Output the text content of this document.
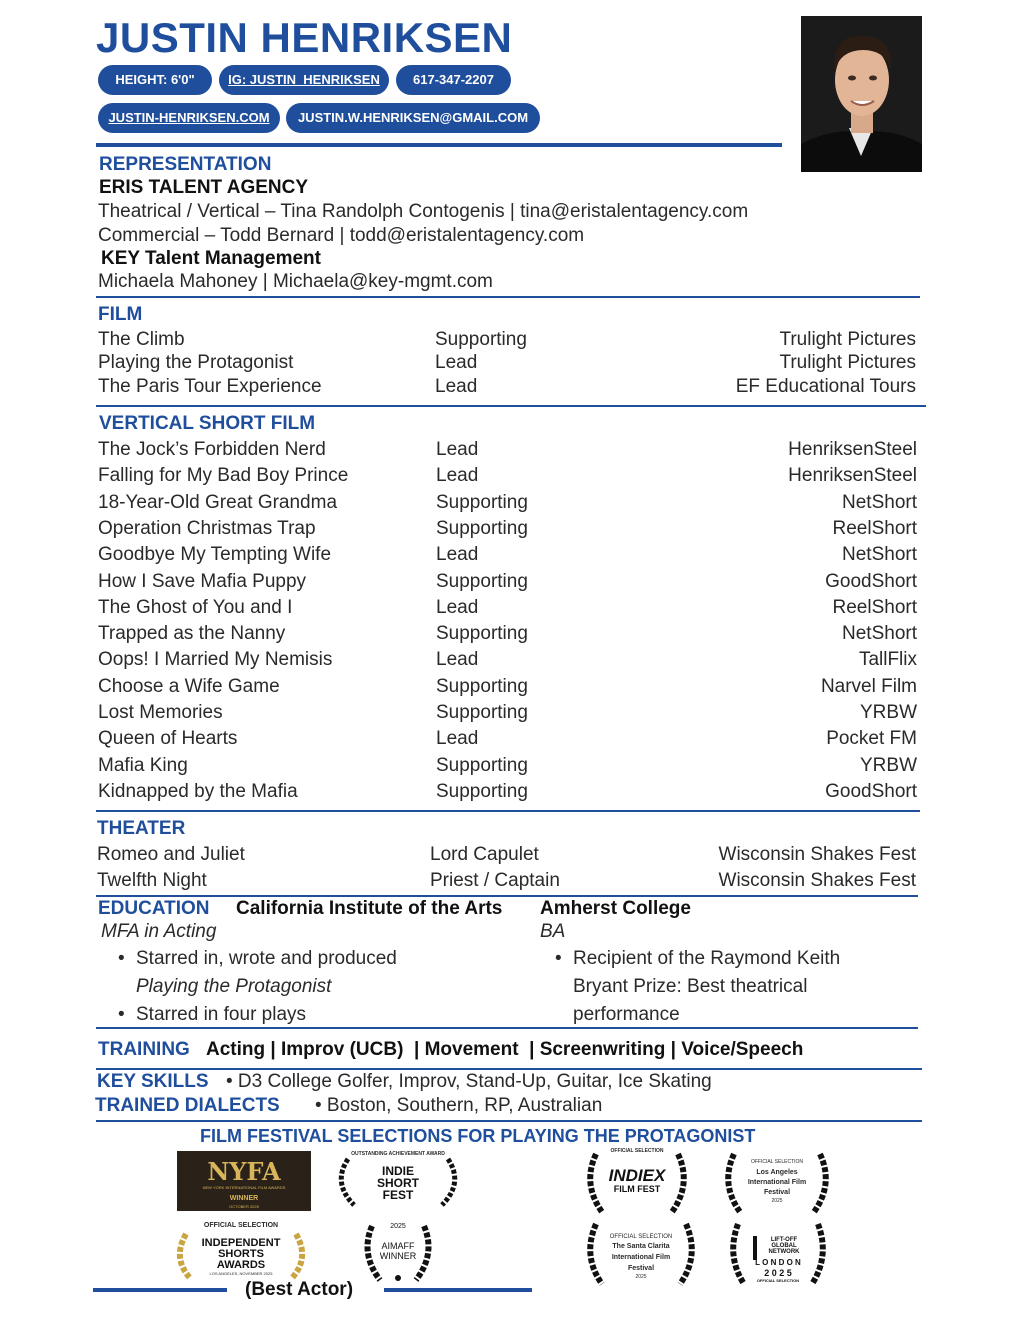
JUSTIN HENRIKSEN
HEIGHT: 6'0"	IG: JUSTIN_HENRIKSEN	617-347-2207
JUSTIN-HENRIKSEN.COM	JUSTIN.W.HENRIKSEN@GMAIL.COM
REPRESENTATION
ERIS TALENT AGENCY
Theatrical / Vertical – Tina Randolph Contogenis | tina@eristalentagency.com
Commercial – Todd Bernard | todd@eristalentagency.com
KEY Talent Management
Michaela Mahoney | Michaela@key-mgmt.com
FILM
The Climb	Supporting	Trulight Pictures
Playing the Protagonist	Lead	Trulight Pictures
The Paris Tour Experience	Lead	EF Educational Tours
VERTICAL SHORT FILM
The Jock’s Forbidden Nerd	Lead	HenriksenSteel
Falling for My Bad Boy Prince	Lead	HenriksenSteel
18-Year-Old Great Grandma	Supporting	NetShort
Operation Christmas Trap	Supporting	ReelShort
Goodbye My Tempting Wife	Lead	NetShort
How I Save Mafia Puppy	Supporting	GoodShort
The Ghost of You and I	Lead	ReelShort
Trapped as the Nanny	Supporting	NetShort
Oops! I Married My Nemisis	Lead	TallFlix
Choose a Wife Game	Supporting	Narvel Film
Lost Memories	Supporting	YRBW
Queen of Hearts	Lead	Pocket FM
Mafia King	Supporting	YRBW
Kidnapped by the Mafia	Supporting	GoodShort
THEATER
Romeo and Juliet	Lord Capulet	Wisconsin Shakes Fest
Twelfth Night	Priest / Captain	Wisconsin Shakes Fest
EDUCATION California Institute of the Arts
MFA in Acting
• Starred in, wrote and produced
Playing the Protagonist
• Starred in four plays
Amherst College
BA
• Recipient of the Raymond Keith
Bryant Prize: Best theatrical
performance
TRAINING Acting | Improv (UCB)  | Movement  | Screenwriting | Voice/Speech
KEY SKILLS • D3 College Golfer, Improv, Stand-Up, Guitar, Ice Skating
TRAINED DIALECTS • Boston, Southern, RP, Australian
FILM FESTIVAL SELECTIONS FOR PLAYING THE PROTAGONIST
NYFA
NEW YORK INTERNATIONAL FILM AWARDS
WINNER
OCTOBER 2025
OUTSTANDING ACHIEVEMENT AWARD
INDIE
SHORT
FEST
OFFICIAL SELECTION
INDIEX
FILM FEST
OFFICIAL SELECTION
Los Angeles
International Film
Festival
2025
OFFICIAL SELECTION
INDEPENDENT
SHORTS
AWARDS
LOS ANGELES, NOVEMBER 2025
2025
AIMAFF
WINNER
OFFICIAL SELECTION
The Santa Clarita
International Film
Festival
2025
LIFT-OFF
GLOBAL
NETWORK
L O N D O N
2 0 2 5
OFFICIAL SELECTION
(Best Actor)
